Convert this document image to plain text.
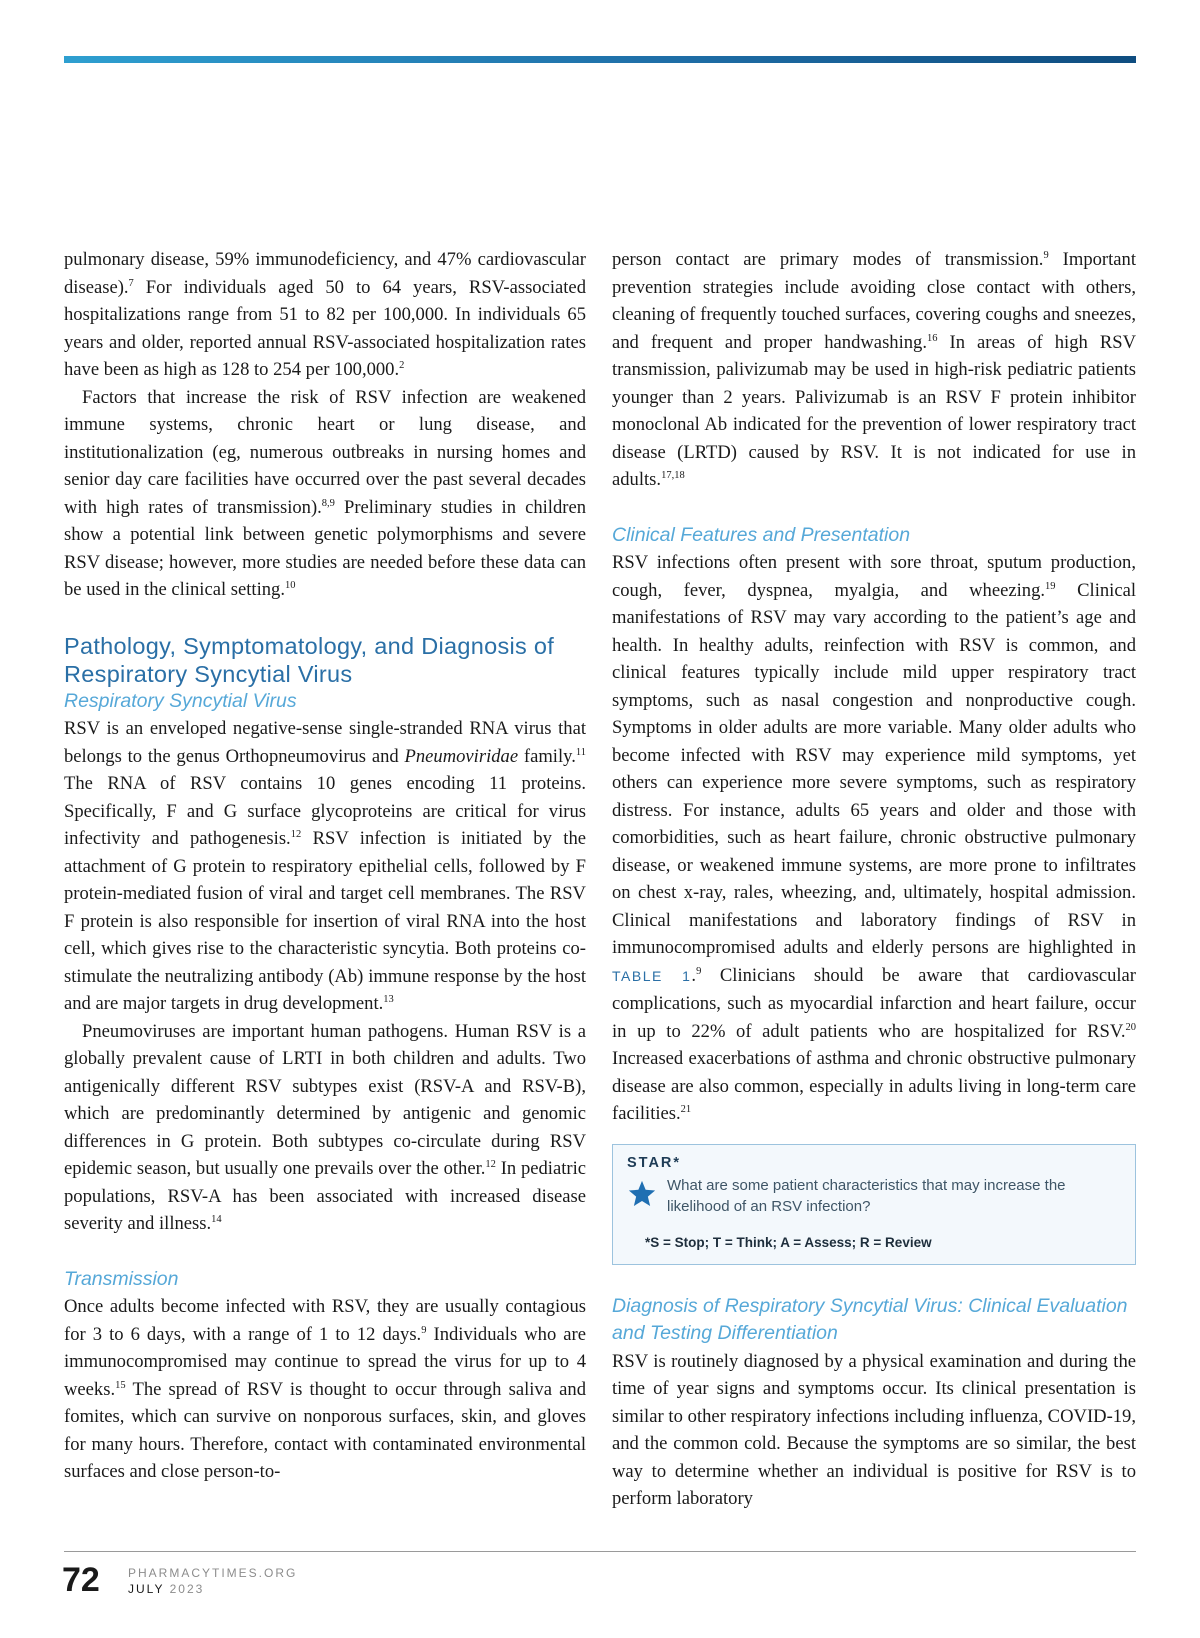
pulmonary disease, 59% immunodeficiency, and 47% cardiovascular disease).$^7$ For individuals aged 50 to 64 years, RSV-associated hospitalizations range from 51 to 82 per 100,000. In individuals 65 years and older, reported annual RSV-associated hospitalization rates have been as high as 128 to 254 per 100,000.$^2$

Factors that increase the risk of RSV infection are weakened immune systems, chronic heart or lung disease, and institutionalization (eg, numerous outbreaks in nursing homes and senior day care facilities have occurred over the past several decades with high rates of transmission).$^{8,9}$ Preliminary studies in children show a potential link between genetic polymorphisms and severe RSV disease; however, more studies are needed before these data can be used in the clinical setting.$^{10}$

Pathology, Symptomatology, and Diagnosis of Respiratory Syncytial Virus
Respiratory Syncytial Virus

RSV is an enveloped negative-sense single-stranded RNA virus that belongs to the genus Orthopneumovirus and Pneumoviridae family.$^{11}$ The RNA of RSV contains 10 genes encoding 11 proteins. Specifically, F and G surface glycoproteins are critical for virus infectivity and pathogenesis.$^{12}$ RSV infection is initiated by the attachment of G protein to respiratory epithelial cells, followed by F protein-mediated fusion of viral and target cell membranes. The RSV F protein is also responsible for insertion of viral RNA into the host cell, which gives rise to the characteristic syncytia. Both proteins co-stimulate the neutralizing antibody (Ab) immune response by the host and are major targets in drug development.$^{13}$

Pneumoviruses are important human pathogens. Human RSV is a globally prevalent cause of LRTI in both children and adults. Two antigenically different RSV subtypes exist (RSV-A and RSV-B), which are predominantly determined by antigenic and genomic differences in G protein. Both subtypes co-circulate during RSV epidemic season, but usually one prevails over the other.$^{12}$ In pediatric populations, RSV-A has been associated with increased disease severity and illness.$^{14}$

Transmission

Once adults become infected with RSV, they are usually contagious for 3 to 6 days, with a range of 1 to 12 days.$^9$ Individuals who are immunocompromised may continue to spread the virus for up to 4 weeks.$^{15}$ The spread of RSV is thought to occur through saliva and fomites, which can survive on nonporous surfaces, skin, and gloves for many hours. Therefore, contact with contaminated environmental surfaces and close person-to-

person contact are primary modes of transmission.$^9$ Important prevention strategies include avoiding close contact with others, cleaning of frequently touched surfaces, covering coughs and sneezes, and frequent and proper handwashing.$^{16}$ In areas of high RSV transmission, palivizumab may be used in high-risk pediatric patients younger than 2 years. Palivizumab is an RSV F protein inhibitor monoclonal Ab indicated for the prevention of lower respiratory tract disease (LRTD) caused by RSV. It is not indicated for use in adults.$^{17,18}$

Clinical Features and Presentation

RSV infections often present with sore throat, sputum production, cough, fever, dyspnea, myalgia, and wheezing.$^{19}$ Clinical manifestations of RSV may vary according to the patient’s age and health. In healthy adults, reinfection with RSV is common, and clinical features typically include mild upper respiratory tract symptoms, such as nasal congestion and nonproductive cough. Symptoms in older adults are more variable. Many older adults who become infected with RSV may experience mild symptoms, yet others can experience more severe symptoms, such as respiratory distress. For instance, adults 65 years and older and those with comorbidities, such as heart failure, chronic obstructive pulmonary disease, or weakened immune systems, are more prone to infiltrates on chest x-ray, rales, wheezing, and, ultimately, hospital admission. Clinical manifestations and laboratory findings of RSV in immunocompromised adults and elderly persons are highlighted in TABLE 1.$^9$ Clinicians should be aware that cardiovascular complications, such as myocardial infarction and heart failure, occur in up to 22% of adult patients who are hospitalized for RSV.$^{20}$ Increased exacerbations of asthma and chronic obstructive pulmonary disease are also common, especially in adults living in long-term care facilities.$^{21}$

STAR*
What are some patient characteristics that may increase the likelihood of an RSV infection?
*S = Stop; T = Think; A = Assess; R = Review
Diagnosis of Respiratory Syncytial Virus: Clinical Evaluation and Testing Differentiation

RSV is routinely diagnosed by a physical examination and during the time of year signs and symptoms occur. Its clinical presentation is similar to other respiratory infections including influenza, COVID-19, and the common cold. Because the symptoms are so similar, the best way to determine whether an individual is positive for RSV is to perform laboratory

72 PHARMACYTIMES.ORG
JULY 2023
